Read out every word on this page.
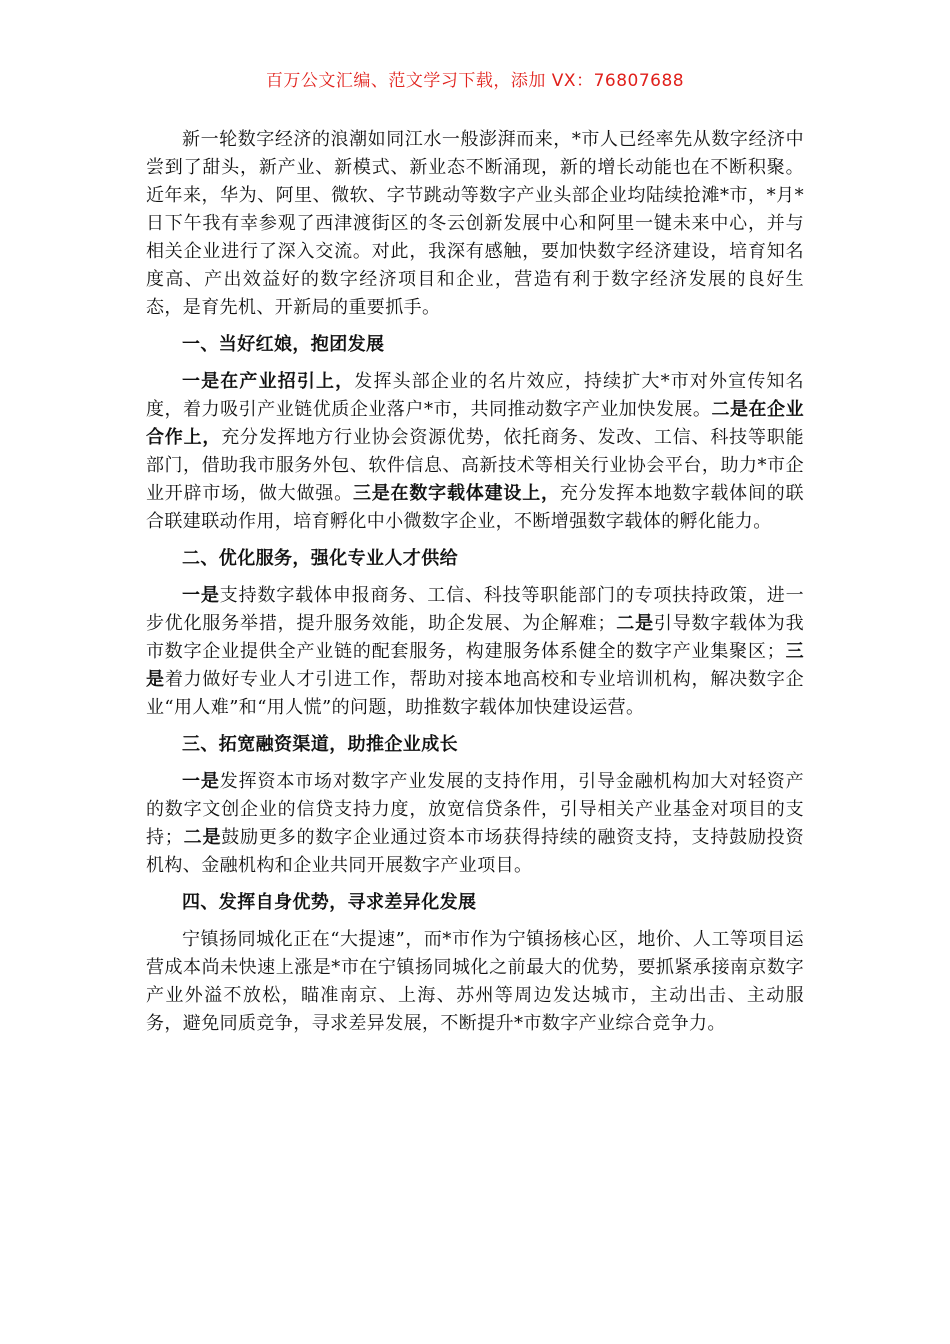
百万公文汇编、范文学习下载，添加 VX：76807688

新一轮数字经济的浪潮如同江水一般澎湃而来，*市人已经率先从数字经济中尝到了甜头，新产业、新模式、新业态不断涌现，新的增长动能也在不断积聚。近年来，华为、阿里、微软、字节跳动等数字产业头部企业均陆续抢滩*市，*月*日下午我有幸参观了西津渡街区的冬云创新发展中心和阿里一键未来中心，并与相关企业进行了深入交流。对此，我深有感触，要加快数字经济建设，培育知名度高、产出效益好的数字经济项目和企业，营造有利于数字经济发展的良好生态，是育先机、开新局的重要抓手。

一、当好红娘，抱团发展

一是在产业招引上，发挥头部企业的名片效应，持续扩大*市对外宣传知名度，着力吸引产业链优质企业落户*市，共同推动数字产业加快发展。二是在企业合作上，充分发挥地方行业协会资源优势，依托商务、发改、工信、科技等职能部门，借助我市服务外包、软件信息、高新技术等相关行业协会平台，助力*市企业开辟市场，做大做强。三是在数字载体建设上，充分发挥本地数字载体间的联合联建联动作用，培育孵化中小微数字企业，不断增强数字载体的孵化能力。

二、优化服务，强化专业人才供给

一是支持数字载体申报商务、工信、科技等职能部门的专项扶持政策，进一步优化服务举措，提升服务效能，助企发展、为企解难；二是引导数字载体为我市数字企业提供全产业链的配套服务，构建服务体系健全的数字产业集聚区；三是着力做好专业人才引进工作，帮助对接本地高校和专业培训机构，解决数字企业“用人难”和“用人慌”的问题，助推数字载体加快建设运营。

三、拓宽融资渠道，助推企业成长

一是发挥资本市场对数字产业发展的支持作用，引导金融机构加大对轻资产的数字文创企业的信贷支持力度，放宽信贷条件，引导相关产业基金对项目的支持；二是鼓励更多的数字企业通过资本市场获得持续的融资支持，支持鼓励投资机构、金融机构和企业共同开展数字产业项目。

四、发挥自身优势，寻求差异化发展

宁镇扬同城化正在“大提速”，而*市作为宁镇扬核心区，地价、人工等项目运营成本尚未快速上涨是*市在宁镇扬同城化之前最大的优势，要抓紧承接南京数字产业外溢不放松，瞄准南京、上海、苏州等周边发达城市，主动出击、主动服务，避免同质竞争，寻求差异发展，不断提升*市数字产业综合竞争力。
